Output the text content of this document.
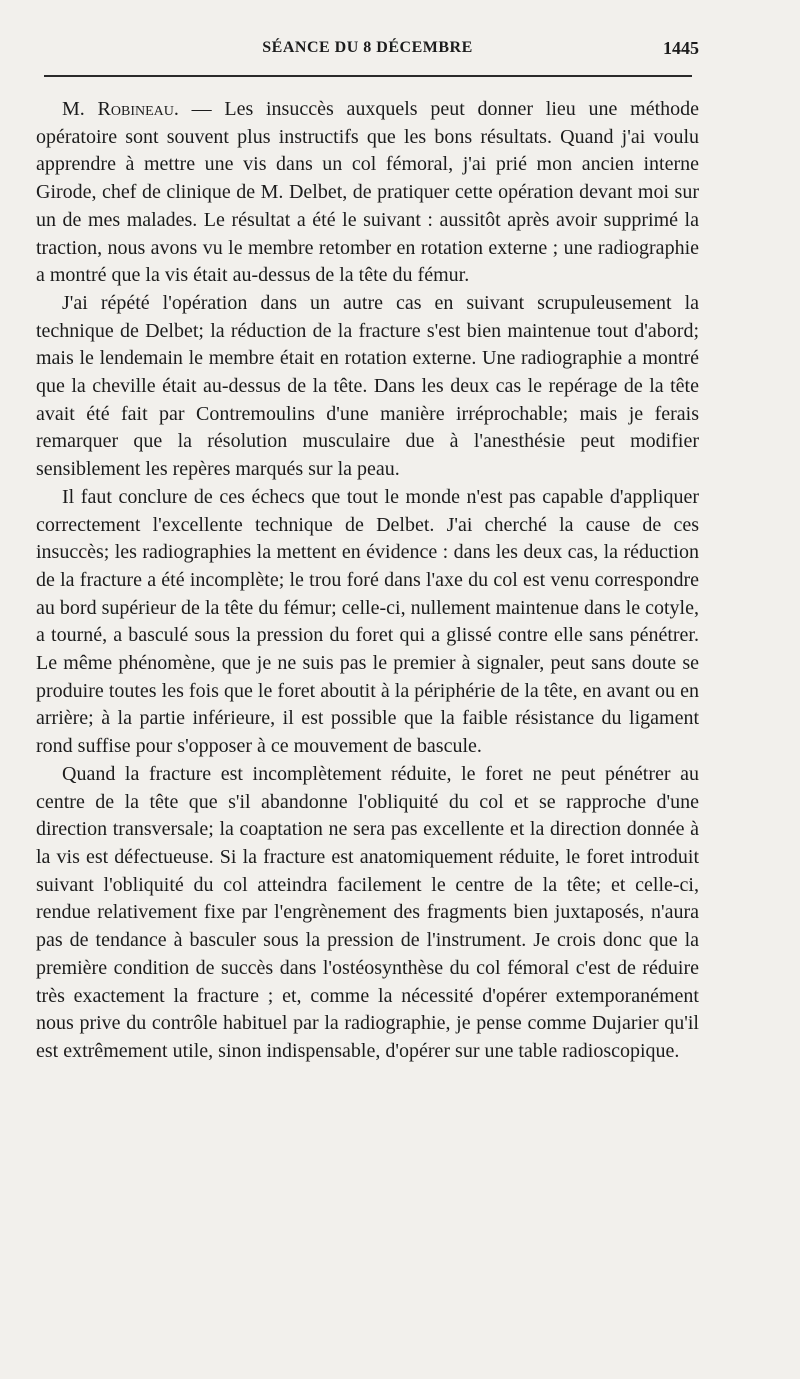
SÉANCE DU 8 DÉCEMBRE	1445

M. Robineau. — Les insuccès auxquels peut donner lieu une méthode opératoire sont souvent plus instructifs que les bons résultats. Quand j'ai voulu apprendre à mettre une vis dans un col fémoral, j'ai prié mon ancien interne Girode, chef de clinique de M. Delbet, de pratiquer cette opération devant moi sur un de mes malades. Le résultat a été le suivant : aussitôt après avoir supprimé la traction, nous avons vu le membre retomber en rotation externe ; une radiographie a montré que la vis était au-dessus de la tête du fémur.

J'ai répété l'opération dans un autre cas en suivant scrupuleusement la technique de Delbet; la réduction de la fracture s'est bien maintenue tout d'abord; mais le lendemain le membre était en rotation externe. Une radiographie a montré que la cheville était au-dessus de la tête. Dans les deux cas le repérage de la tête avait été fait par Contremoulins d'une manière irréprochable; mais je ferais remarquer que la résolution musculaire due à l'anesthésie peut modifier sensiblement les repères marqués sur la peau.

Il faut conclure de ces échecs que tout le monde n'est pas capable d'appliquer correctement l'excellente technique de Delbet. J'ai cherché la cause de ces insuccès; les radiographies la mettent en évidence : dans les deux cas, la réduction de la fracture a été incomplète; le trou foré dans l'axe du col est venu correspondre au bord supérieur de la tête du fémur; celle-ci, nullement maintenue dans le cotyle, a tourné, a basculé sous la pression du foret qui a glissé contre elle sans pénétrer. Le même phénomène, que je ne suis pas le premier à signaler, peut sans doute se produire toutes les fois que le foret aboutit à la périphérie de la tête, en avant ou en arrière; à la partie inférieure, il est possible que la faible résistance du ligament rond suffise pour s'opposer à ce mouvement de bascule.

Quand la fracture est incomplètement réduite, le foret ne peut pénétrer au centre de la tête que s'il abandonne l'obliquité du col et se rapproche d'une direction transversale; la coaptation ne sera pas excellente et la direction donnée à la vis est défectueuse. Si la fracture est anatomiquement réduite, le foret introduit suivant l'obliquité du col atteindra facilement le centre de la tête; et celle-ci, rendue relativement fixe par l'engrènement des fragments bien juxtaposés, n'aura pas de tendance à basculer sous la pression de l'instrument. Je crois donc que la première condition de succès dans l'ostéosynthèse du col fémoral c'est de réduire très exactement la fracture ; et, comme la nécessité d'opérer extemporanément nous prive du contrôle habituel par la radiographie, je pense comme Dujarier qu'il est extrêmement utile, sinon indispensable, d'opérer sur une table radioscopique.
